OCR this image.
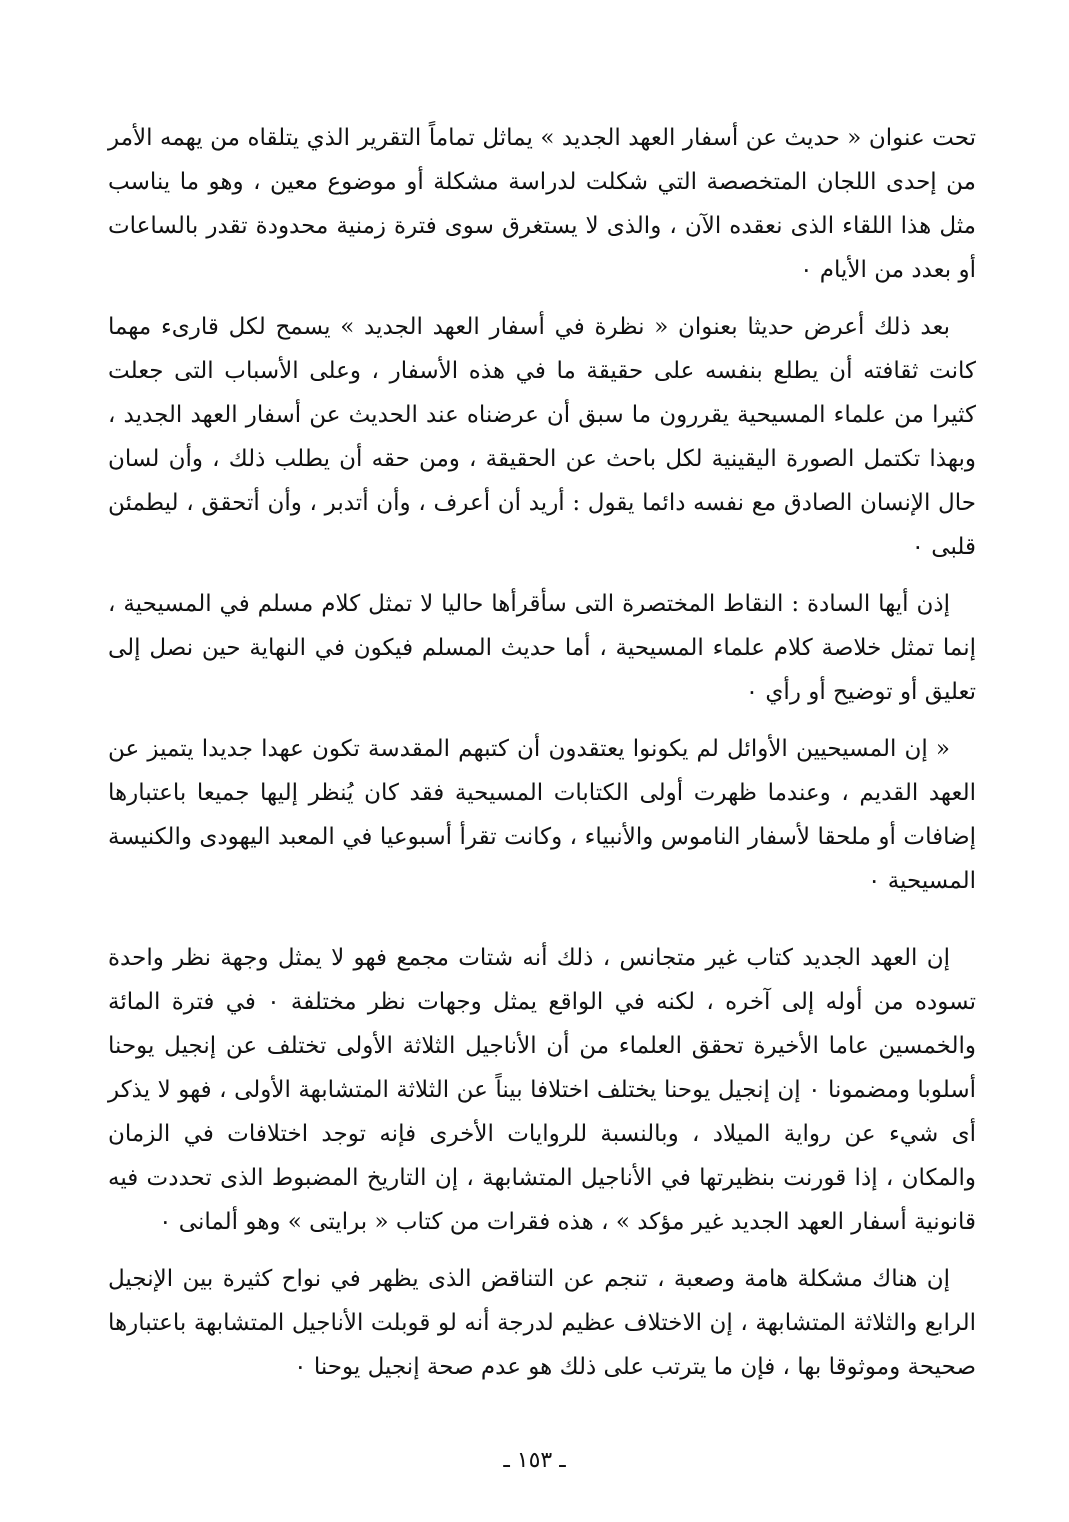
تحت عنوان « حديث عن أسفار العهد الجديد » يماثل تماماً التقرير الذي يتلقاه من يهمه الأمر من إحدى اللجان المتخصصة التي شكلت لدراسة مشكلة أو موضوع معين ، وهو ما يناسب مثل هذا اللقاء الذى نعقده الآن ، والذى لا يستغرق سوى فترة زمنية محدودة تقدر بالساعات أو بعدد من الأيام ٠

بعد ذلك أعرض حديثا بعنوان « نظرة في أسفار العهد الجديد » يسمح لكل قارىء مهما كانت ثقافته أن يطلع بنفسه على حقيقة ما في هذه الأسفار ، وعلى الأسباب التى جعلت كثيرا من علماء المسيحية يقررون ما سبق أن عرضناه عند الحديث عن أسفار العهد الجديد ، وبهذا تكتمل الصورة اليقينية لكل باحث عن الحقيقة ، ومن حقه أن يطلب ذلك ، وأن لسان حال الإنسان الصادق مع نفسه دائما يقول : أريد أن أعرف ، وأن أتدبر ، وأن أتحقق ، ليطمئن قلبى ٠

إذن أيها السادة : النقاط المختصرة التى سأقرأها حاليا لا تمثل كلام مسلم في المسيحية ، إنما تمثل خلاصة كلام علماء المسيحية ، أما حديث المسلم فيكون في النهاية حين نصل إلى تعليق أو توضيح أو رأي ٠

« إن المسيحيين الأوائل لم يكونوا يعتقدون أن كتبهم المقدسة تكون عهدا جديدا يتميز عن العهد القديم ، وعندما ظهرت أولى الكتابات المسيحية فقد كان يُنظر إليها جميعا باعتبارها إضافات أو ملحقا لأسفار الناموس والأنبياء ، وكانت تقرأ أسبوعيا في المعبد اليهودى والكنيسة المسيحية ٠

إن العهد الجديد كتاب غير متجانس ، ذلك أنه شتات مجمع فهو لا يمثل وجهة نظر واحدة تسوده من أوله إلى آخره ، لكنه في الواقع يمثل وجهات نظر مختلفة ٠ في فترة المائة والخمسين عاما الأخيرة تحقق العلماء من أن الأناجيل الثلاثة الأولى تختلف عن إنجيل يوحنا أسلوبا ومضمونا ٠ إن إنجيل يوحنا يختلف اختلافا بيناً عن الثلاثة المتشابهة الأولى ، فهو لا يذكر أى شيء عن رواية الميلاد ، وبالنسبة للروايات الأخرى فإنه توجد اختلافات في الزمان والمكان ، إذا قورنت بنظيرتها في الأناجيل المتشابهة ، إن التاريخ المضبوط الذى تحددت فيه قانونية أسفار العهد الجديد غير مؤكد » ، هذه فقرات من كتاب « برايتى » وهو ألمانى ٠

إن هناك مشكلة هامة وصعبة ، تنجم عن التناقض الذى يظهر في نواح كثيرة بين الإنجيل الرابع والثلاثة المتشابهة ، إن الاختلاف عظيم لدرجة أنه لو قوبلت الأناجيل المتشابهة باعتبارها صحيحة وموثوقا بها ، فإن ما يترتب على ذلك هو عدم صحة إنجيل يوحنا ٠

ـ ١٥٣ ـ
